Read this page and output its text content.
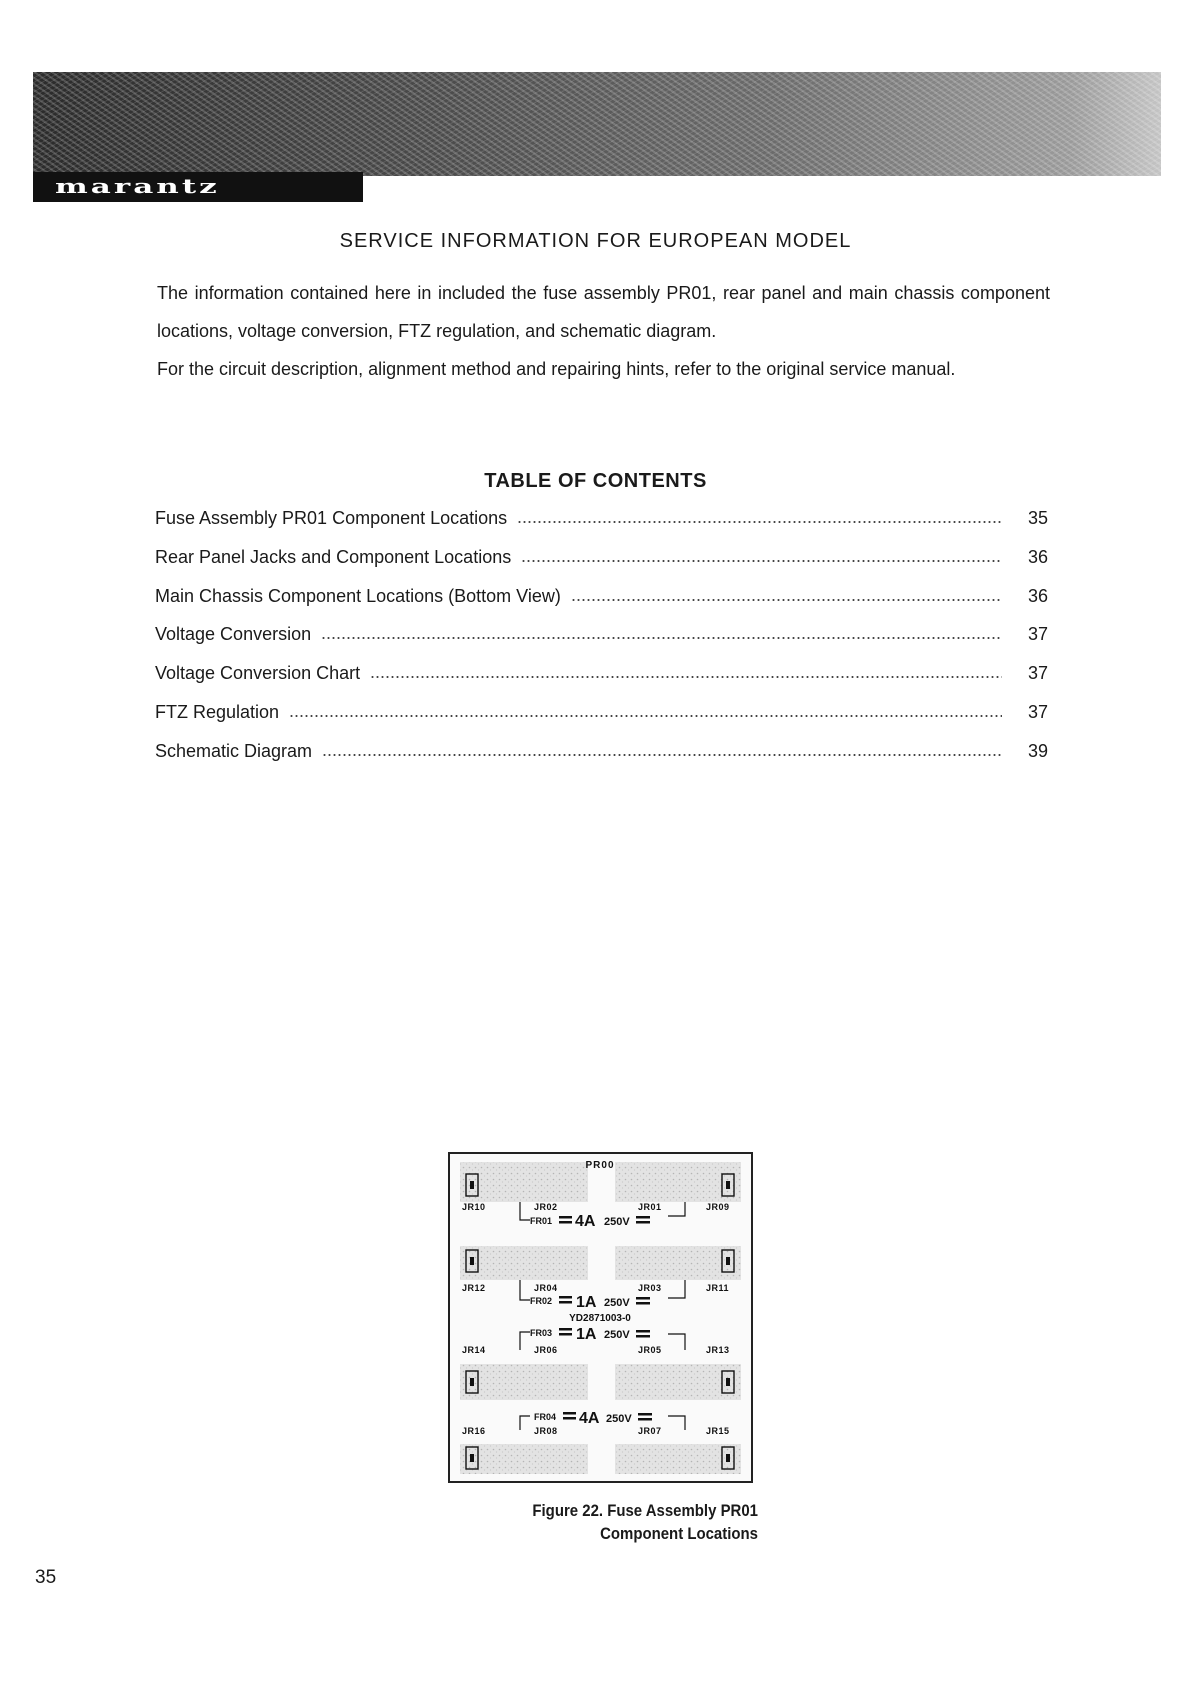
marantz
SERVICE INFORMATION FOR EUROPEAN MODEL

The information contained here in included the fuse assembly PR01, rear panel and main chassis component locations, voltage conversion, FTZ regulation, and schematic diagram.

For the circuit description, alignment method and repairing hints, refer to the original service manual.

TABLE OF CONTENTS
Fuse Assembly PR01 Component Locations	35
Rear Panel Jacks and Component Locations	36
Main Chassis Component Locations (Bottom View)	36
Voltage Conversion	37
Voltage Conversion Chart	37
FTZ Regulation	37
Schematic Diagram	39
PR00
JR10	JR02	JR01	JR09
JR12	JR04	JR03	JR11
JR14	JR06	JR05	JR13
JR16	JR08	JR07	JR15
FR01 4A 250V
FR02 1A 250V
YD2871003-0
FR03 1A 250V
FR04 4A 250V
Figure 22. Fuse Assembly PR01
Component Locations
35
